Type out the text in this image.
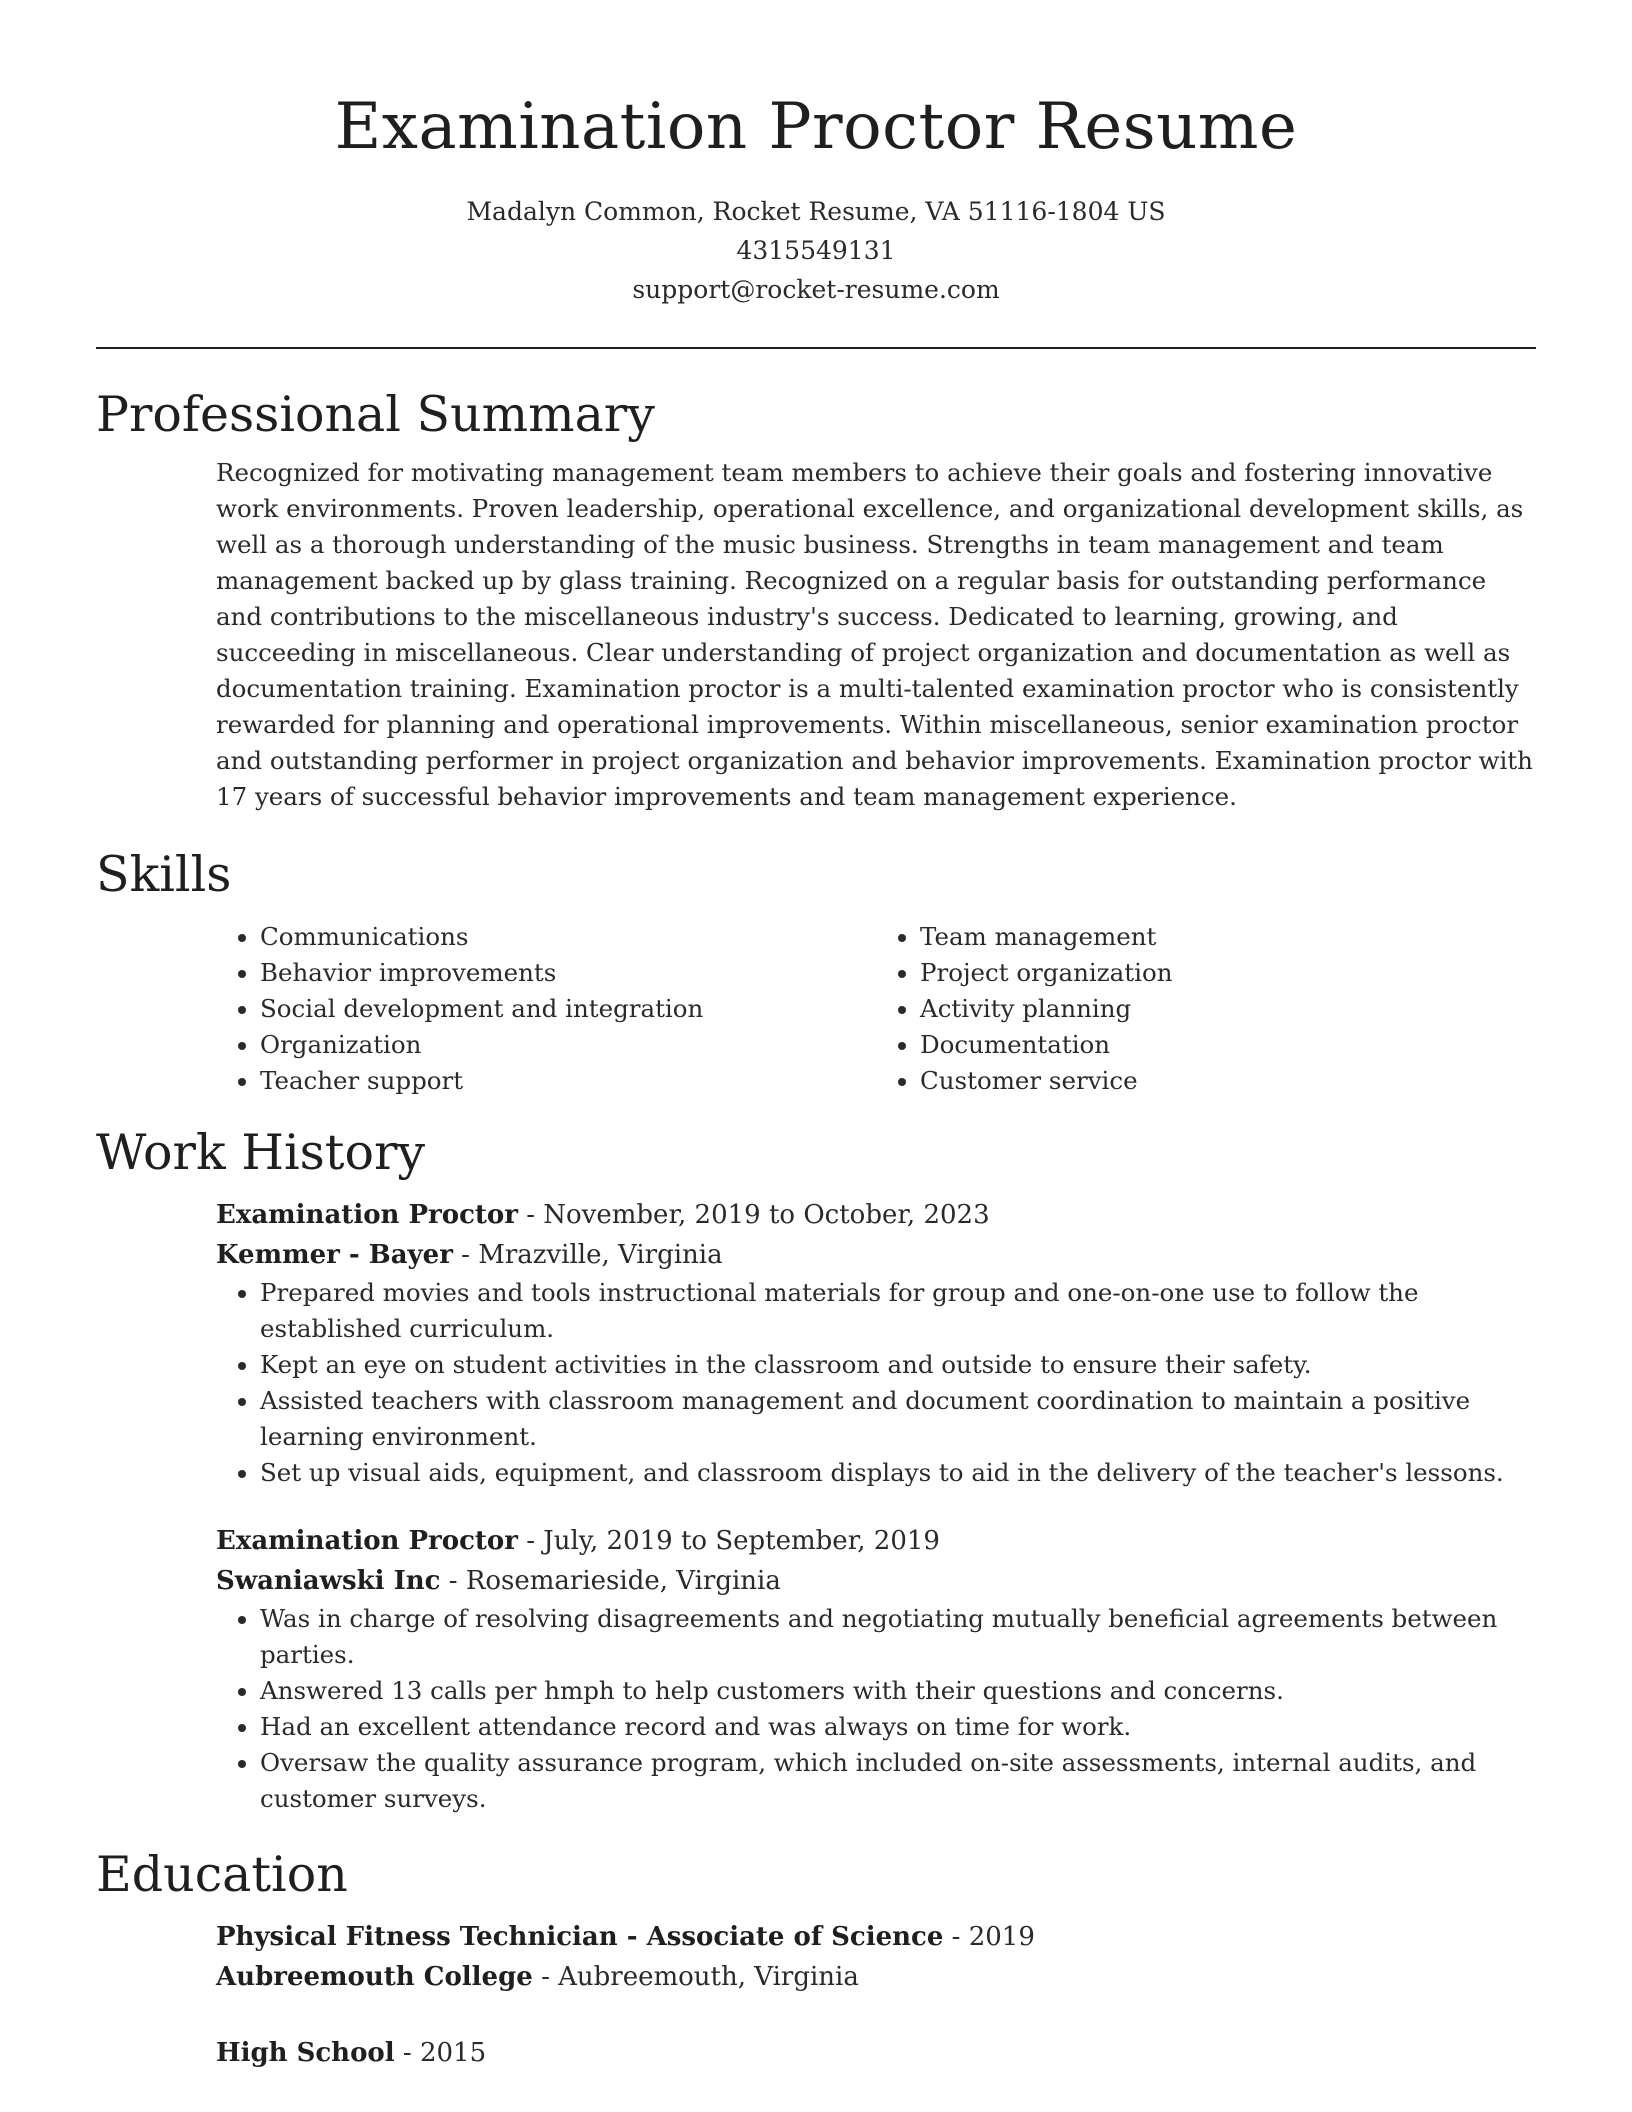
Examination Proctor Resume

Madalyn Common, Rocket Resume, VA 51116-1804 US

4315549131

support@rocket-resume.com

Professional Summary

Recognized for motivating management team members to achieve their goals and fostering innovative work environments. Proven leadership, operational excellence, and organizational development skills, as well as a thorough understanding of the music business. Strengths in team management and team management backed up by glass training. Recognized on a regular basis for outstanding performance and contributions to the miscellaneous industry's success. Dedicated to learning, growing, and succeeding in miscellaneous. Clear understanding of project organization and documentation as well as documentation training. Examination proctor is a multi-talented examination proctor who is consistently rewarded for planning and operational improvements. Within miscellaneous, senior examination proctor and outstanding performer in project organization and behavior improvements. Examination proctor with 17 years of successful behavior improvements and team management experience.

Skills
• Communications
• Behavior improvements
• Social development and integration
• Organization
• Teacher support
• Team management
• Project organization
• Activity planning
• Documentation
• Customer service
Work History

Examination Proctor - November, 2019 to October, 2023

Kemmer - Bayer - Mrazville, Virginia

• Prepared movies and tools instructional materials for group and one-on-one use to follow the established curriculum.
• Kept an eye on student activities in the classroom and outside to ensure their safety.
• Assisted teachers with classroom management and document coordination to maintain a positive learning environment.
• Set up visual aids, equipment, and classroom displays to aid in the delivery of the teacher's lessons.

Examination Proctor - July, 2019 to September, 2019

Swaniawski Inc - Rosemarieside, Virginia

• Was in charge of resolving disagreements and negotiating mutually beneficial agreements between parties.
• Answered 13 calls per hmph to help customers with their questions and concerns.
• Had an excellent attendance record and was always on time for work.
• Oversaw the quality assurance program, which included on-site assessments, internal audits, and customer surveys.
Education

Physical Fitness Technician - Associate of Science - 2019

Aubreemouth College - Aubreemouth, Virginia

High School - 2015
